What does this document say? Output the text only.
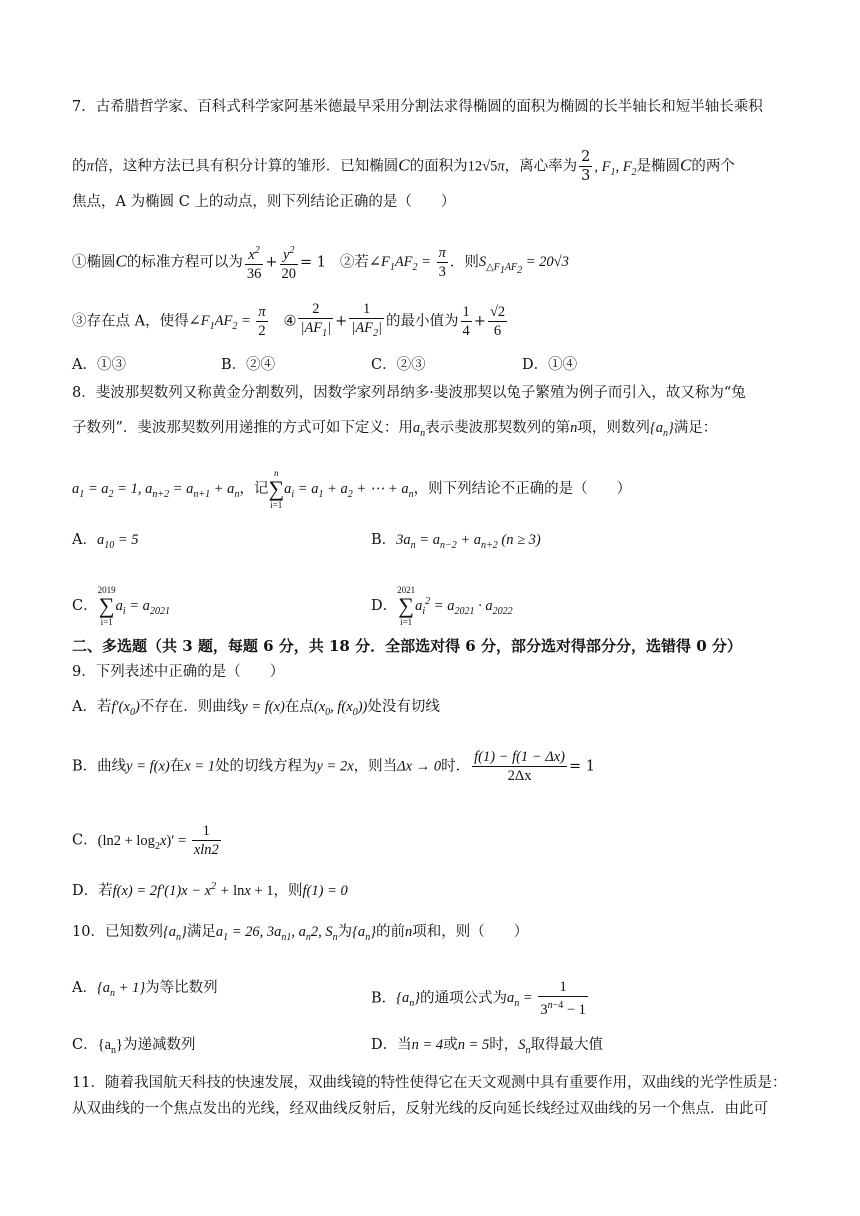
7．古希腊哲学家、百科式科学家阿基米德最早采用分割法求得椭圆的面积为椭圆的长半轴长和短半轴长乘积
的π倍，这种方法已具有积分计算的雏形．已知椭圆C的面积为12√5π，离心率为 $\frac{2}{3}$ , $F_1$, $F_2$是椭圆C的两个
焦点，A 为椭圆 C 上的动点，则下列结论正确的是（　　）
①椭圆C的标准方程可以为 $\frac{x^2}{36} + \frac{y^2}{20} = 1$   ②若$\angle F_1AF_2 = \frac{\pi}{3}$ ．则$S_{\triangle F_1AF_2} = 20√3$
③存在点 A，使得$\angle F_1AF_2 = \frac{\pi}{2}$ ④ $\frac{2}{|AF_1|} + \frac{1}{|AF_2|}$ 的最小值为 $\frac{1}{4} + \frac{√2}{6}$
A．①③	B．②④	C．②③	D．①④
8．斐波那契数列又称黄金分割数列，因数学家列昂纳多·斐波那契以兔子繁殖为例子而引入，故又称为“兔
子数列”．斐波那契数列用递推的方式可如下定义：用$a_n$表示斐波那契数列的第n项，则数列$\{a_n\}$满足：
$a_1 = a_2 = 1$, $a_{n+2} = a_{n+1} + a_n$，记n
∑
$i=1a_i = a_1 + a_2$ + ⋯ + $a_n$，则下列结论不正确的是（　　）
A．$a_{10} = 5$	B．$3a_n = a_{n-2} + a_{n+2}$ (n ≥ 3)
C．2019
∑
$i=1a_i = a_{2021}$	D．2021
∑
$i=1a_i^2 = a_{2021} \cdot a_{2022}$
二、多选题（共 3 题，每题 6 分，共 18 分．全部选对得 6 分，部分选对得部分分，选错得 0 分）
9．下列表述中正确的是（　　）
A．若$f'(x_0)$不存在．则曲线y = f(x)在点($x_0$, $f(x_0)$)处没有切线
B．曲线y = f(x)在x = 1处的切线方程为y = 2x，则当Δx → 0时． $\frac{f(1) - f(1 - \Delta x)}{2\Delta x} = 1$
C．$(\ln 2 + \log_2x)' = \frac{1}{xln2}$
D．若$f(x) = 2f'(1)x - x^2 + \ln x + 1$，则f(1) = 0
10．已知数列$\{a_n\}$满足$a_1 = 26$, $3a_{n1}$, $a_n2$, $S_n$为$\{a_n\}$的前n项和，则（　　）
A．$\{a_n + 1\}$为等比数列
B．$\{a_n\}$的通项公式为$a_n = \frac{1}{3^{n-4} - 1}$
C．$\{a_n\}$为递减数列	D．当n = 4或n = 5时，$S_n$取得最大值
11．随着我国航天科技的快速发展，双曲线镜的特性使得它在天文观测中具有重要作用，双曲线的光学性质是：
从双曲线的一个焦点发出的光线，经双曲线反射后，反射光线的反向延长线经过双曲线的另一个焦点．由此可
